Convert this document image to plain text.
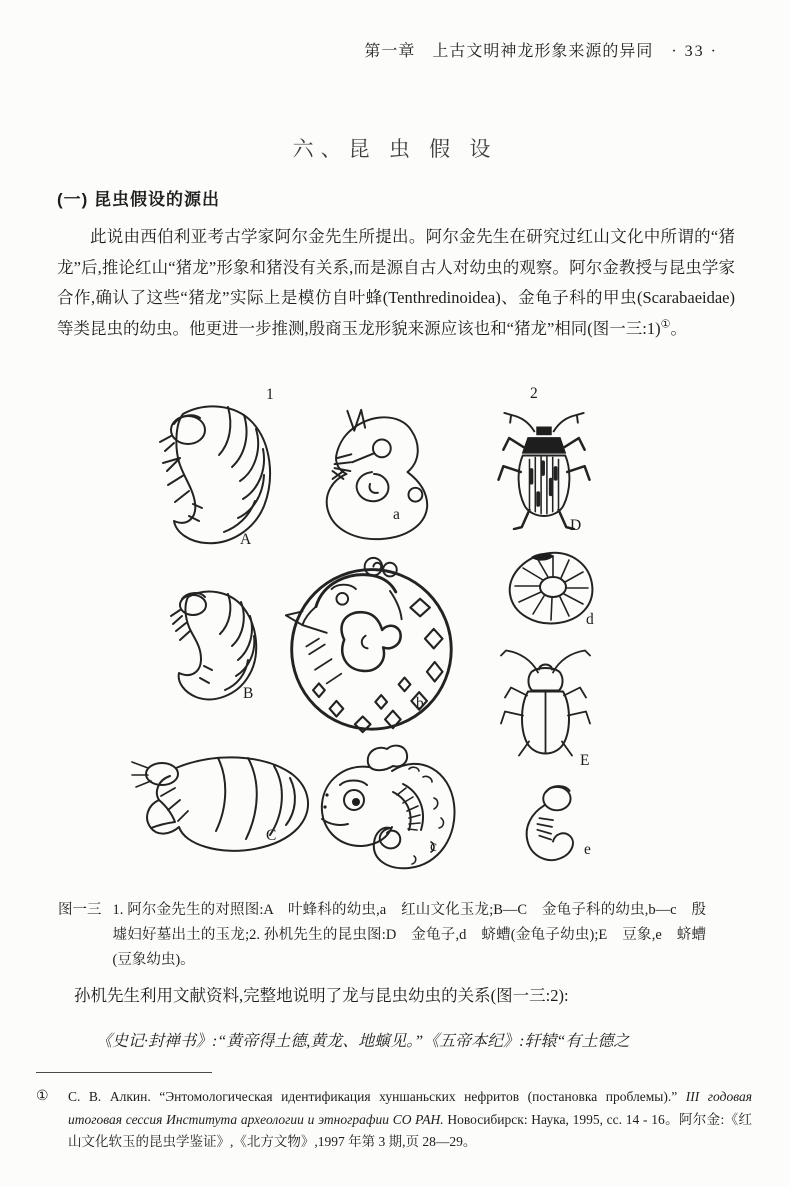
第一章　上古文明神龙形象来源的异同 · 33 ·
六、昆 虫 假 设
(一) 昆虫假设的源出

此说由西伯利亚考古学家阿尔金先生所提出。阿尔金先生在研究过红山文化中所谓的“猪龙”后,推论红山“猪龙”形象和猪没有关系,而是源自古人对幼虫的观察。阿尔金教授与昆虫学家合作,确认了这些“猪龙”实际上是模仿自叶蜂(Tenthredinoidea)、金龟子科的甲虫(Scarabaeidae)等类昆虫的幼虫。他更进一步推测,殷商玉龙形貌来源应该也和“猪龙”相同(图一三:1)①。

1	2
A
a
D
B
b
d
E
C
c	e
图一三 1. 阿尔金先生的对照图:A　叶蜂科的幼虫,a　红山文化玉龙;B—C　金龟子科的幼虫,b—c　殷墟妇好墓出土的玉龙;2. 孙机先生的昆虫图:D　金龟子,d　蛴螬(金龟子幼虫);E　豆象,e　蛴螬(豆象幼虫)。

孙机先生利用文献资料,完整地说明了龙与昆虫幼虫的关系(图一三:2):

《史记·封禅书》:“黄帝得土德,黄龙、地螾见。”《五帝本纪》:轩辕“有土德之

①	С. В. Алкин. “Энтомологическая идентификация хуншаньских нефритов (постановка проблемы).” III годовая итоговая сессия Института археологии и этнографии СО РАН. Новосибирск: Наука, 1995, сс. 14 - 16。阿尔金:《红山文化软玉的昆虫学鉴证》,《北方文物》,1997 年第 3 期,页 28—29。
